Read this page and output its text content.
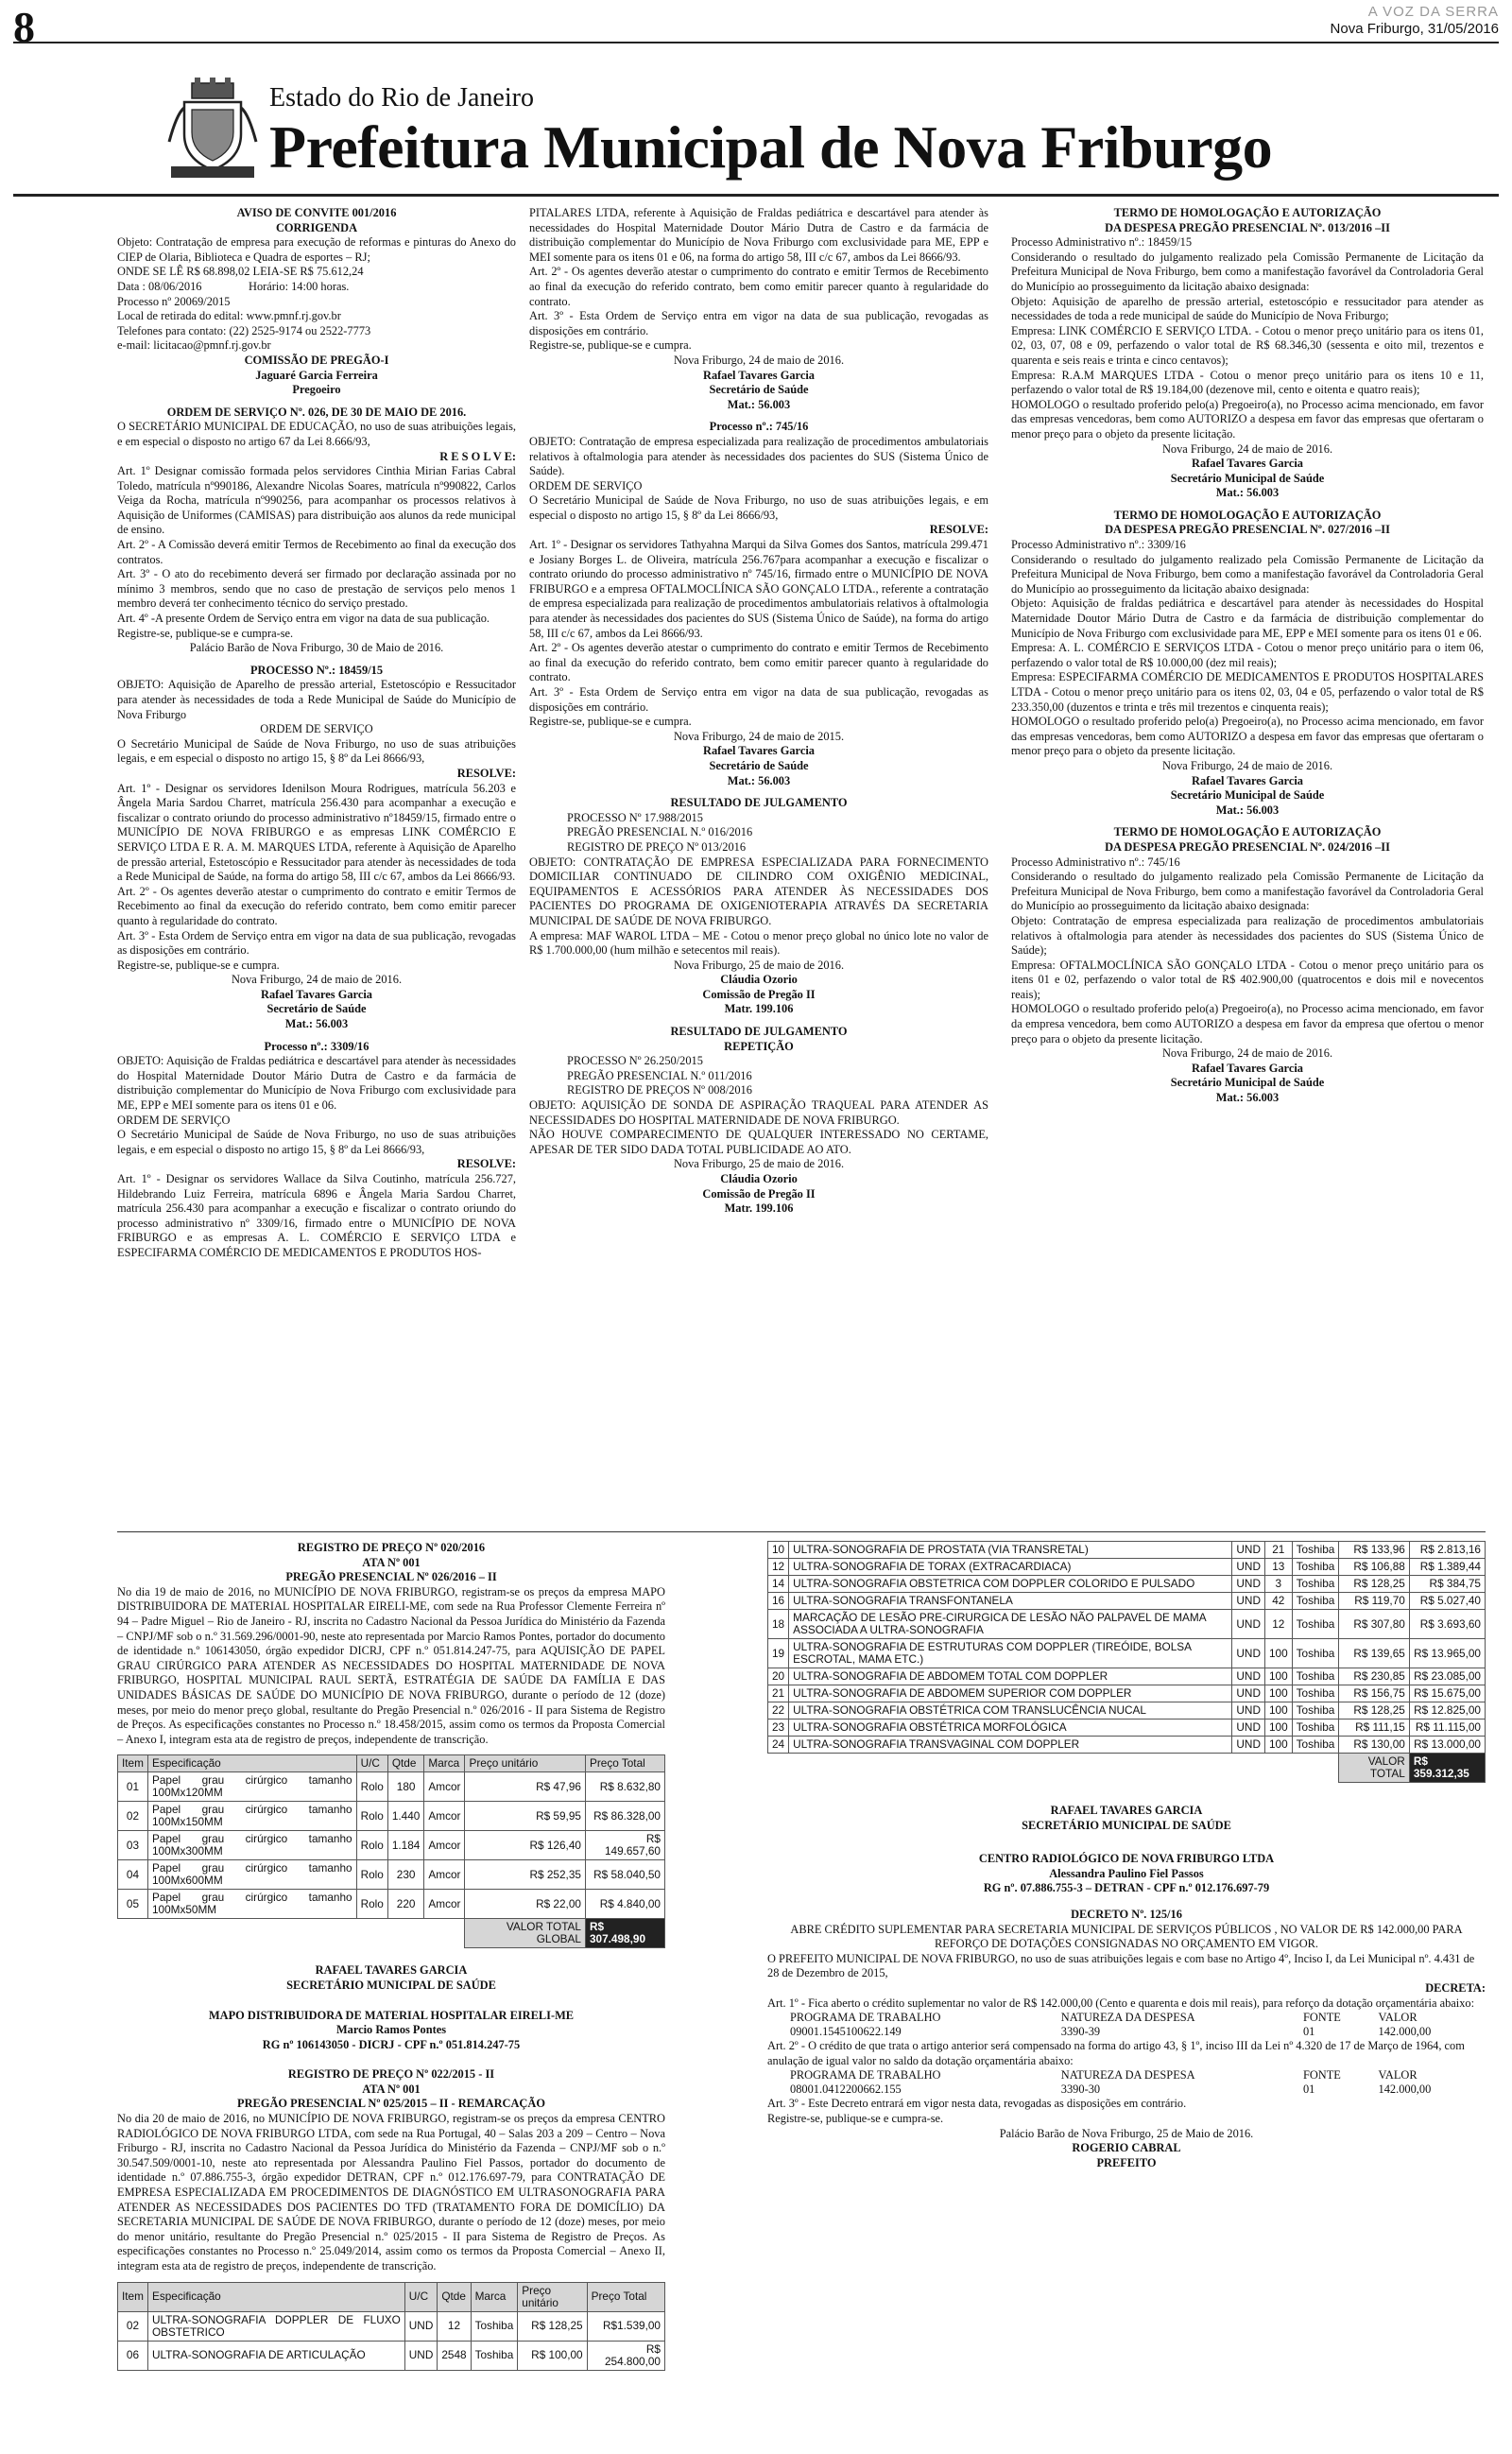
8	A VOZ DA SERRA
Nova Friburgo, 31/05/2016
Estado do Rio de Janeiro
Prefeitura Municipal de Nova Friburgo

AVISO DE CONVITE 001/2016

CORRIGENDA

Objeto: Contratação de empresa para execução de reformas e pinturas do Anexo do CIEP de Olaria, Biblioteca e Quadra de esportes – RJ;

ONDE SE LÊ R$ 68.898,02 LEIA-SE R$ 75.612,24

Data : 08/06/2016                Horário: 14:00 horas.

Processo nº 20069/2015

Local de retirada do edital: www.pmnf.rj.gov.br

Telefones para contato: (22) 2525-9174 ou 2522-7773

e-mail: licitacao@pmnf.rj.gov.br

COMISSÃO DE PREGÃO-I

Jaguaré Garcia Ferreira

Pregoeiro

ORDEM DE SERVIÇO Nº. 026, DE 30 DE MAIO DE 2016.

O SECRETÁRIO MUNICIPAL DE EDUCAÇÃO, no uso de suas atribuições legais, e em especial o disposto no artigo 67 da Lei 8.666/93,

R E S O L V E:

Art. 1º Designar comissão formada pelos servidores Cinthia Mirian Farias Cabral Toledo, matrícula nº990186, Alexandre Nicolas Soares, matrícula nº990822, Carlos Veiga da Rocha, matrícula nº990256, para acompanhar os processos relativos à Aquisição de Uniformes (CAMISAS) para distribuição aos alunos da rede municipal de ensino.

Art. 2º - A Comissão deverá emitir Termos de Recebimento ao final da execução dos contratos.

Art. 3º - O ato do recebimento deverá ser firmado por declaração assinada por no mínimo 3 membros, sendo que no caso de prestação de serviços pelo menos 1 membro deverá ter conhecimento técnico do serviço prestado.

Art. 4º -A presente Ordem de Serviço entra em vigor na data de sua publicação.

Registre-se, publique-se e cumpra-se.

Palácio Barão de Nova Friburgo, 30 de Maio de 2016.

PROCESSO Nº.: 18459/15

OBJETO: Aquisição de Aparelho de pressão arterial, Estetoscópio e Ressucitador para atender às necessidades de toda a Rede Municipal de Saúde do Município de Nova Friburgo

ORDEM DE SERVIÇO

O Secretário Municipal de Saúde de Nova Friburgo, no uso de suas atribuições legais, e em especial o disposto no artigo 15, § 8º da Lei 8666/93,

RESOLVE:

Art. 1º - Designar os servidores Idenilson Moura Rodrigues, matrícula 56.203 e Ângela Maria Sardou Charret, matrícula 256.430 para acompanhar a execução e fiscalizar o contrato oriundo do processo administrativo nº18459/15, firmado entre o MUNICÍPIO DE NOVA FRIBURGO e as empresas LINK COMÉRCIO E SERVIÇO LTDA E R. A. M. MARQUES LTDA, referente à Aquisição de Aparelho de pressão arterial, Estetoscópio e Ressucitador para atender às necessidades de toda a Rede Municipal de Saúde, na forma do artigo 58, III c/c 67, ambos da Lei 8666/93.

Art. 2º - Os agentes deverão atestar o cumprimento do contrato e emitir Termos de Recebimento ao final da execução do referido contrato, bem como emitir parecer quanto à regularidade do contrato.

Art. 3º - Esta Ordem de Serviço entra em vigor na data de sua publicação, revogadas as disposições em contrário.

Registre-se, publique-se e cumpra.

Nova Friburgo, 24 de maio de 2016.

Rafael Tavares Garcia

Secretário de Saúde

Mat.: 56.003

Processo nº.: 3309/16

OBJETO: Aquisição de Fraldas pediátrica e descartável para atender às necessidades do Hospital Maternidade Doutor Mário Dutra de Castro e da farmácia de distribuição complementar do Município de Nova Friburgo com exclusividade para ME, EPP e MEI somente para os itens 01 e 06.

ORDEM DE SERVIÇO

O Secretário Municipal de Saúde de Nova Friburgo, no uso de suas atribuições legais, e em especial o disposto no artigo 15, § 8º da Lei 8666/93,

RESOLVE:

Art. 1º - Designar os servidores Wallace da Silva Coutinho, matrícula 256.727, Hildebrando Luiz Ferreira, matrícula 6896 e Ângela Maria Sardou Charret, matrícula 256.430 para acompanhar a execução e fiscalizar o contrato oriundo do processo administrativo nº 3309/16, firmado entre o MUNICÍPIO DE NOVA FRIBURGO e as empresas A. L. COMÉRCIO E SERVIÇO LTDA e ESPECIFARMA COMÉRCIO DE MEDICAMENTOS E PRODUTOS HOS-

PITALARES LTDA, referente à Aquisição de Fraldas pediátrica e descartável para atender às necessidades do Hospital Maternidade Doutor Mário Dutra de Castro e da farmácia de distribuição complementar do Município de Nova Friburgo com exclusividade para ME, EPP e MEI somente para os itens 01 e 06, na forma do artigo 58, III c/c 67, ambos da Lei 8666/93.

Art. 2º - Os agentes deverão atestar o cumprimento do contrato e emitir Termos de Recebimento ao final da execução do referido contrato, bem como emitir parecer quanto à regularidade do contrato.

Art. 3º - Esta Ordem de Serviço entra em vigor na data de sua publicação, revogadas as disposições em contrário.

Registre-se, publique-se e cumpra.

Nova Friburgo, 24 de maio de 2016.

Rafael Tavares Garcia

Secretário de Saúde

Mat.: 56.003

Processo nº.: 745/16

OBJETO: Contratação de empresa especializada para realização de procedimentos ambulatoriais relativos à oftalmologia para atender às necessidades dos pacientes do SUS (Sistema Único de Saúde).

ORDEM DE SERVIÇO

O Secretário Municipal de Saúde de Nova Friburgo, no uso de suas atribuições legais, e em especial o disposto no artigo 15, § 8º da Lei 8666/93,

RESOLVE:

Art. 1º - Designar os servidores Tathyahna Marqui da Silva Gomes dos Santos, matrícula 299.471 e Josiany Borges L. de Oliveira, matrícula 256.767para acompanhar a execução e fiscalizar o contrato oriundo do processo administrativo nº 745/16, firmado entre o MUNICÍPIO DE NOVA FRIBURGO e a empresa OFTALMOCLÍNICA SÃO GONÇALO LTDA., referente a contratação de empresa especializada para realização de procedimentos ambulatoriais relativos à oftalmologia para atender às necessidades dos pacientes do SUS (Sistema Único de Saúde), na forma do artigo 58, III c/c 67, ambos da Lei 8666/93.

Art. 2º - Os agentes deverão atestar o cumprimento do contrato e emitir Termos de Recebimento ao final da execução do referido contrato, bem como emitir parecer quanto à regularidade do contrato.

Art. 3º - Esta Ordem de Serviço entra em vigor na data de sua publicação, revogadas as disposições em contrário.

Registre-se, publique-se e cumpra.

Nova Friburgo, 24 de maio de 2015.

Rafael Tavares Garcia

Secretário de Saúde

Mat.: 56.003

RESULTADO DE JULGAMENTO

PROCESSO Nº 17.988/2015

PREGÃO PRESENCIAL N.º 016/2016

REGISTRO DE PREÇO Nº 013/2016

OBJETO: CONTRATAÇÃO DE EMPRESA ESPECIALIZADA PARA FORNECIMENTO DOMICILIAR CONTINUADO DE CILINDRO COM OXIGÊNIO MEDICINAL, EQUIPAMENTOS E ACESSÓRIOS PARA ATENDER ÀS NECESSIDADES DOS PACIENTES DO PROGRAMA DE OXIGENIOTERAPIA ATRAVÉS DA SECRETARIA MUNICIPAL DE SAÚDE DE NOVA FRIBURGO.

A empresa: MAF WAROL LTDA – ME - Cotou o menor preço global no único lote no valor de R$ 1.700.000,00 (hum milhão e setecentos mil reais).

Nova Friburgo, 25 de maio de 2016.

Cláudia Ozorio

Comissão de Pregão II

Matr. 199.106

RESULTADO DE JULGAMENTO

REPETIÇÃO

PROCESSO Nº 26.250/2015

PREGÃO PRESENCIAL N.º 011/2016

REGISTRO DE PREÇOS Nº 008/2016

OBJETO: AQUISIÇÃO DE SONDA DE ASPIRAÇÃO TRAQUEAL PARA ATENDER AS NECESSIDADES DO HOSPITAL MATERNIDADE DE NOVA FRIBURGO.

NÃO HOUVE COMPARECIMENTO DE QUALQUER INTERESSADO NO CERTAME, APESAR DE TER SIDO DADA TOTAL PUBLICIDADE AO ATO.

Nova Friburgo, 25 de maio de 2016.

Cláudia Ozorio

Comissão de Pregão II

Matr. 199.106

TERMO DE HOMOLOGAÇÃO E AUTORIZAÇÃO

DA DESPESA PREGÃO PRESENCIAL Nº. 013/2016 –II

Processo Administrativo nº.: 18459/15

Considerando o resultado do julgamento realizado pela Comissão Permanente de Licitação da Prefeitura Municipal de Nova Friburgo, bem como a manifestação favorável da Controladoria Geral do Município ao prosseguimento da licitação abaixo designada:

Objeto: Aquisição de aparelho de pressão arterial, estetoscópio e ressucitador para atender as necessidades de toda a rede municipal de saúde do Município de Nova Friburgo;

Empresa: LINK COMÉRCIO E SERVIÇO LTDA. - Cotou o menor preço unitário para os itens 01, 02, 03, 07, 08 e 09, perfazendo o valor total de R$ 68.346,30 (sessenta e oito mil, trezentos e quarenta e seis reais e trinta e cinco centavos);

Empresa: R.A.M MARQUES LTDA - Cotou o menor preço unitário para os itens 10 e 11, perfazendo o valor total de R$ 19.184,00 (dezenove mil, cento e oitenta e quatro reais);

HOMOLOGO o resultado proferido pelo(a) Pregoeiro(a), no Processo acima mencionado, em favor das empresas vencedoras, bem como AUTORIZO a despesa em favor das empresas que ofertaram o menor preço para o objeto da presente licitação.

Nova Friburgo, 24 de maio de 2016.

Rafael Tavares Garcia

Secretário Municipal de Saúde

Mat.: 56.003

TERMO DE HOMOLOGAÇÃO E AUTORIZAÇÃO

DA DESPESA PREGÃO PRESENCIAL Nº. 027/2016 –II

Processo Administrativo nº.: 3309/16

Considerando o resultado do julgamento realizado pela Comissão Permanente de Licitação da Prefeitura Municipal de Nova Friburgo, bem como a manifestação favorável da Controladoria Geral do Município ao prosseguimento da licitação abaixo designada:

Objeto: Aquisição de fraldas pediátrica e descartável para atender às necessidades do Hospital Maternidade Doutor Mário Dutra de Castro e da farmácia de distribuição complementar do Município de Nova Friburgo com exclusividade para ME, EPP e MEI somente para os itens 01 e 06.

Empresa: A. L. COMÉRCIO E SERVIÇOS LTDA - Cotou o menor preço unitário para o item 06, perfazendo o valor total de R$ 10.000,00 (dez mil reais);

Empresa: ESPECIFARMA COMÉRCIO DE MEDICAMENTOS E PRODUTOS HOSPITALARES LTDA - Cotou o menor preço unitário para os itens 02, 03, 04 e 05, perfazendo o valor total de R$ 233.350,00 (duzentos e trinta e três mil trezentos e cinquenta reais);

HOMOLOGO o resultado proferido pelo(a) Pregoeiro(a), no Processo acima mencionado, em favor das empresas vencedoras, bem como AUTORIZO a despesa em favor das empresas que ofertaram o menor preço para o objeto da presente licitação.

Nova Friburgo, 24 de maio de 2016.

Rafael Tavares Garcia

Secretário Municipal de Saúde

Mat.: 56.003

TERMO DE HOMOLOGAÇÃO E AUTORIZAÇÃO

DA DESPESA PREGÃO PRESENCIAL Nº. 024/2016 –II

Processo Administrativo nº.: 745/16

Considerando o resultado do julgamento realizado pela Comissão Permanente de Licitação da Prefeitura Municipal de Nova Friburgo, bem como a manifestação favorável da Controladoria Geral do Município ao prosseguimento da licitação abaixo designada:

Objeto: Contratação de empresa especializada para realização de procedimentos ambulatoriais relativos à oftalmologia para atender às necessidades dos pacientes do SUS (Sistema Único de Saúde);

Empresa: OFTALMOCLÍNICA SÃO GONÇALO LTDA - Cotou o menor preço unitário para os itens 01 e 02, perfazendo o valor total de R$ 402.900,00 (quatrocentos e dois mil e novecentos reais);

HOMOLOGO o resultado proferido pelo(a) Pregoeiro(a), no Processo acima mencionado, em favor da empresa vencedora, bem como AUTORIZO a despesa em favor da empresa que ofertou o menor preço para o objeto da presente licitação.

Nova Friburgo, 24 de maio de 2016.

Rafael Tavares Garcia

Secretário Municipal de Saúde

Mat.: 56.003

REGISTRO DE PREÇO Nº 020/2016

ATA Nº 001

PREGÃO PRESENCIAL Nº 026/2016 – II

No dia 19 de maio de 2016, no MUNICÍPIO DE NOVA FRIBURGO, registram-se os preços da empresa MAPO DISTRIBUIDORA DE MATERIAL HOSPITALAR EIRELI-ME, com sede na Rua Professor Clemente Ferreira nº 94 – Padre Miguel – Rio de Janeiro - RJ, inscrita no Cadastro Nacional da Pessoa Jurídica do Ministério da Fazenda – CNPJ/MF sob o n.º 31.569.296/0001-90, neste ato representada por Marcio Ramos Pontes, portador do documento de identidade n.º 106143050, órgão expedidor DICRJ, CPF n.º 051.814.247-75, para AQUISIÇÃO DE PAPEL GRAU CIRÚRGICO PARA ATENDER AS NECESSIDADES DO HOSPITAL MATERNIDADE DE NOVA FRIBURGO, HOSPITAL MUNICIPAL RAUL SERTÃ, ESTRATÉGIA DE SAÚDE DA FAMÍLIA E DAS UNIDADES BÁSICAS DE SAÚDE DO MUNICÍPIO DE NOVA FRIBURGO, durante o período de 12 (doze) meses, por meio do menor preço global, resultante do Pregão Presencial n.º 026/2016 - II para Sistema de Registro de Preços. As especificações constantes no Processo n.º 18.458/2015, assim como os termos da Proposta Comercial – Anexo I, integram esta ata de registro de preços, independente de transcrição.

Item	Especificação	U/C	Qtde	Marca	Preço unitário	Preço Total
01	Papel grau cirúrgico tamanho 100Mx120MM	Rolo	180	Amcor	R$ 47,96	R$ 8.632,80
02	Papel grau cirúrgico tamanho 100Mx150MM	Rolo	1.440	Amcor	R$ 59,95	R$ 86.328,00
03	Papel grau cirúrgico tamanho 100Mx300MM	Rolo	1.184	Amcor	R$ 126,40	R$ 149.657,60
04	Papel grau cirúrgico tamanho 100Mx600MM	Rolo	230	Amcor	R$ 252,35	R$ 58.040,50
05	Papel grau cirúrgico tamanho 100Mx50MM	Rolo	220	Amcor	R$ 22,00	R$ 4.840,00
					VALOR TOTAL GLOBAL	R$ 307.498,90

RAFAEL TAVARES GARCIA

SECRETÁRIO MUNICIPAL DE SAÚDE

MAPO DISTRIBUIDORA DE MATERIAL HOSPITALAR EIRELI-ME

Marcio Ramos Pontes

RG nº 106143050 - DICRJ - CPF n.º 051.814.247-75

REGISTRO DE PREÇO Nº 022/2015 - II

ATA Nº 001

PREGÃO PRESENCIAL Nº 025/2015 – II - REMARCAÇÃO

No dia 20 de maio de 2016, no MUNICÍPIO DE NOVA FRIBURGO, registram-se os preços da empresa CENTRO RADIOLÓGICO DE NOVA FRIBURGO LTDA, com sede na Rua Portugal, 40 – Salas 203 a 209 – Centro – Nova Friburgo - RJ, inscrita no Cadastro Nacional da Pessoa Jurídica do Ministério da Fazenda – CNPJ/MF sob o n.º 30.547.509/0001-10, neste ato representada por Alessandra Paulino Fiel Passos, portador do documento de identidade n.º 07.886.755-3, órgão expedidor DETRAN, CPF n.º 012.176.697-79, para CONTRATAÇÃO DE EMPRESA ESPECIALIZADA EM PROCEDIMENTOS DE DIAGNÓSTICO EM ULTRASONOGRAFIA PARA ATENDER AS NECESSIDADES DOS PACIENTES DO TFD (TRATAMENTO FORA DE DOMICÍLIO) DA SECRETARIA MUNICIPAL DE SAÚDE DE NOVA FRIBURGO, durante o período de 12 (doze) meses, por meio do menor unitário, resultante do Pregão Presencial n.º 025/2015 - II para Sistema de Registro de Preços. As especificações constantes no Processo n.º 25.049/2014, assim como os termos da Proposta Comercial – Anexo II, integram esta ata de registro de preços, independente de transcrição.

Item	Especificação	U/C	Qtde	Marca	Preço unitário	Preço Total
02	ULTRA-SONOGRAFIA DOPPLER DE FLUXO OBSTETRICO	UND	12	Toshiba	R$ 128,25	R$1.539,00
06	ULTRA-SONOGRAFIA DE ARTICULAÇÃO	UND	2548	Toshiba	R$ 100,00	R$ 254.800,00
10	ULTRA-SONOGRAFIA DE PROSTATA (VIA TRANSRETAL)	UND	21	Toshiba	R$ 133,96	R$ 2.813,16
12	ULTRA-SONOGRAFIA DE TORAX (EXTRACARDIACA)	UND	13	Toshiba	R$ 106,88	R$ 1.389,44
14	ULTRA-SONOGRAFIA OBSTETRICA COM DOPPLER COLORIDO E PULSADO	UND	3	Toshiba	R$ 128,25	R$ 384,75
16	ULTRA-SONOGRAFIA TRANSFONTANELA	UND	42	Toshiba	R$ 119,70	R$ 5.027,40
18	MARCAÇÃO DE LESÃO PRE-CIRURGICA DE LESÃO NÃO PALPAVEL DE MAMA ASSOCIADA A ULTRA-SONOGRAFIA	UND	12	Toshiba	R$ 307,80	R$ 3.693,60
19	ULTRA-SONOGRAFIA DE ESTRUTURAS COM DOPPLER (TIREÓIDE, BOLSA ESCROTAL, MAMA ETC.)	UND	100	Toshiba	R$ 139,65	R$ 13.965,00
20	ULTRA-SONOGRAFIA DE ABDOMEM TOTAL COM DOPPLER	UND	100	Toshiba	R$ 230,85	R$ 23.085,00
21	ULTRA-SONOGRAFIA DE ABDOMEM SUPERIOR COM DOPPLER	UND	100	Toshiba	R$ 156,75	R$ 15.675,00
22	ULTRA-SONOGRAFIA OBSTÉTRICA COM TRANSLUCÊNCIA NUCAL	UND	100	Toshiba	R$ 128,25	R$ 12.825,00
23	ULTRA-SONOGRAFIA OBSTÉTRICA MORFOLÓGICA	UND	100	Toshiba	R$ 111,15	R$ 11.115,00
24	ULTRA-SONOGRAFIA TRANSVAGINAL COM DOPPLER	UND	100	Toshiba	R$ 130,00	R$ 13.000,00
					VALOR TOTAL	R$ 359.312,35

RAFAEL TAVARES GARCIA

SECRETÁRIO MUNICIPAL DE SAÚDE

CENTRO RADIOLÓGICO DE NOVA FRIBURGO LTDA

Alessandra Paulino Fiel Passos

RG nº. 07.886.755-3 – DETRAN - CPF n.º 012.176.697-79

DECRETO Nº. 125/16

ABRE CRÉDITO SUPLEMENTAR PARA SECRETARIA MUNICIPAL DE SERVIÇOS PÚBLICOS , NO VALOR DE R$ 142.000,00 PARA REFORÇO DE DOTAÇÕES CONSIGNADAS NO ORÇAMENTO EM VIGOR.

O PREFEITO MUNICIPAL DE NOVA FRIBURGO, no uso de suas atribuições legais e com base no Artigo 4º, Inciso I, da Lei Municipal nº. 4.431 de 28 de Dezembro de 2015,

DECRETA:

Art. 1º - Fica aberto o crédito suplementar no valor de R$ 142.000,00 (Cento e quarenta e dois mil reais), para reforço da dotação orçamentária abaixo:

PROGRAMA DE TRABALHO	NATUREZA DA DESPESA	FONTE	VALOR
09001.1545100622.149	3390-39	01	142.000,00

Art. 2º - O crédito de que trata o artigo anterior será compensado na forma do artigo 43, § 1º, inciso III da Lei nº 4.320 de 17 de Março de 1964, com anulação de igual valor no saldo da dotação orçamentária abaixo:

PROGRAMA DE TRABALHO	NATUREZA DA DESPESA	FONTE	VALOR
08001.0412200662.155	3390-30	01	142.000,00

Art. 3º - Este Decreto entrará em vigor nesta data, revogadas as disposições em contrário.

Registre-se, publique-se e cumpra-se.

Palácio Barão de Nova Friburgo, 25 de Maio de 2016.

ROGERIO CABRAL

PREFEITO
